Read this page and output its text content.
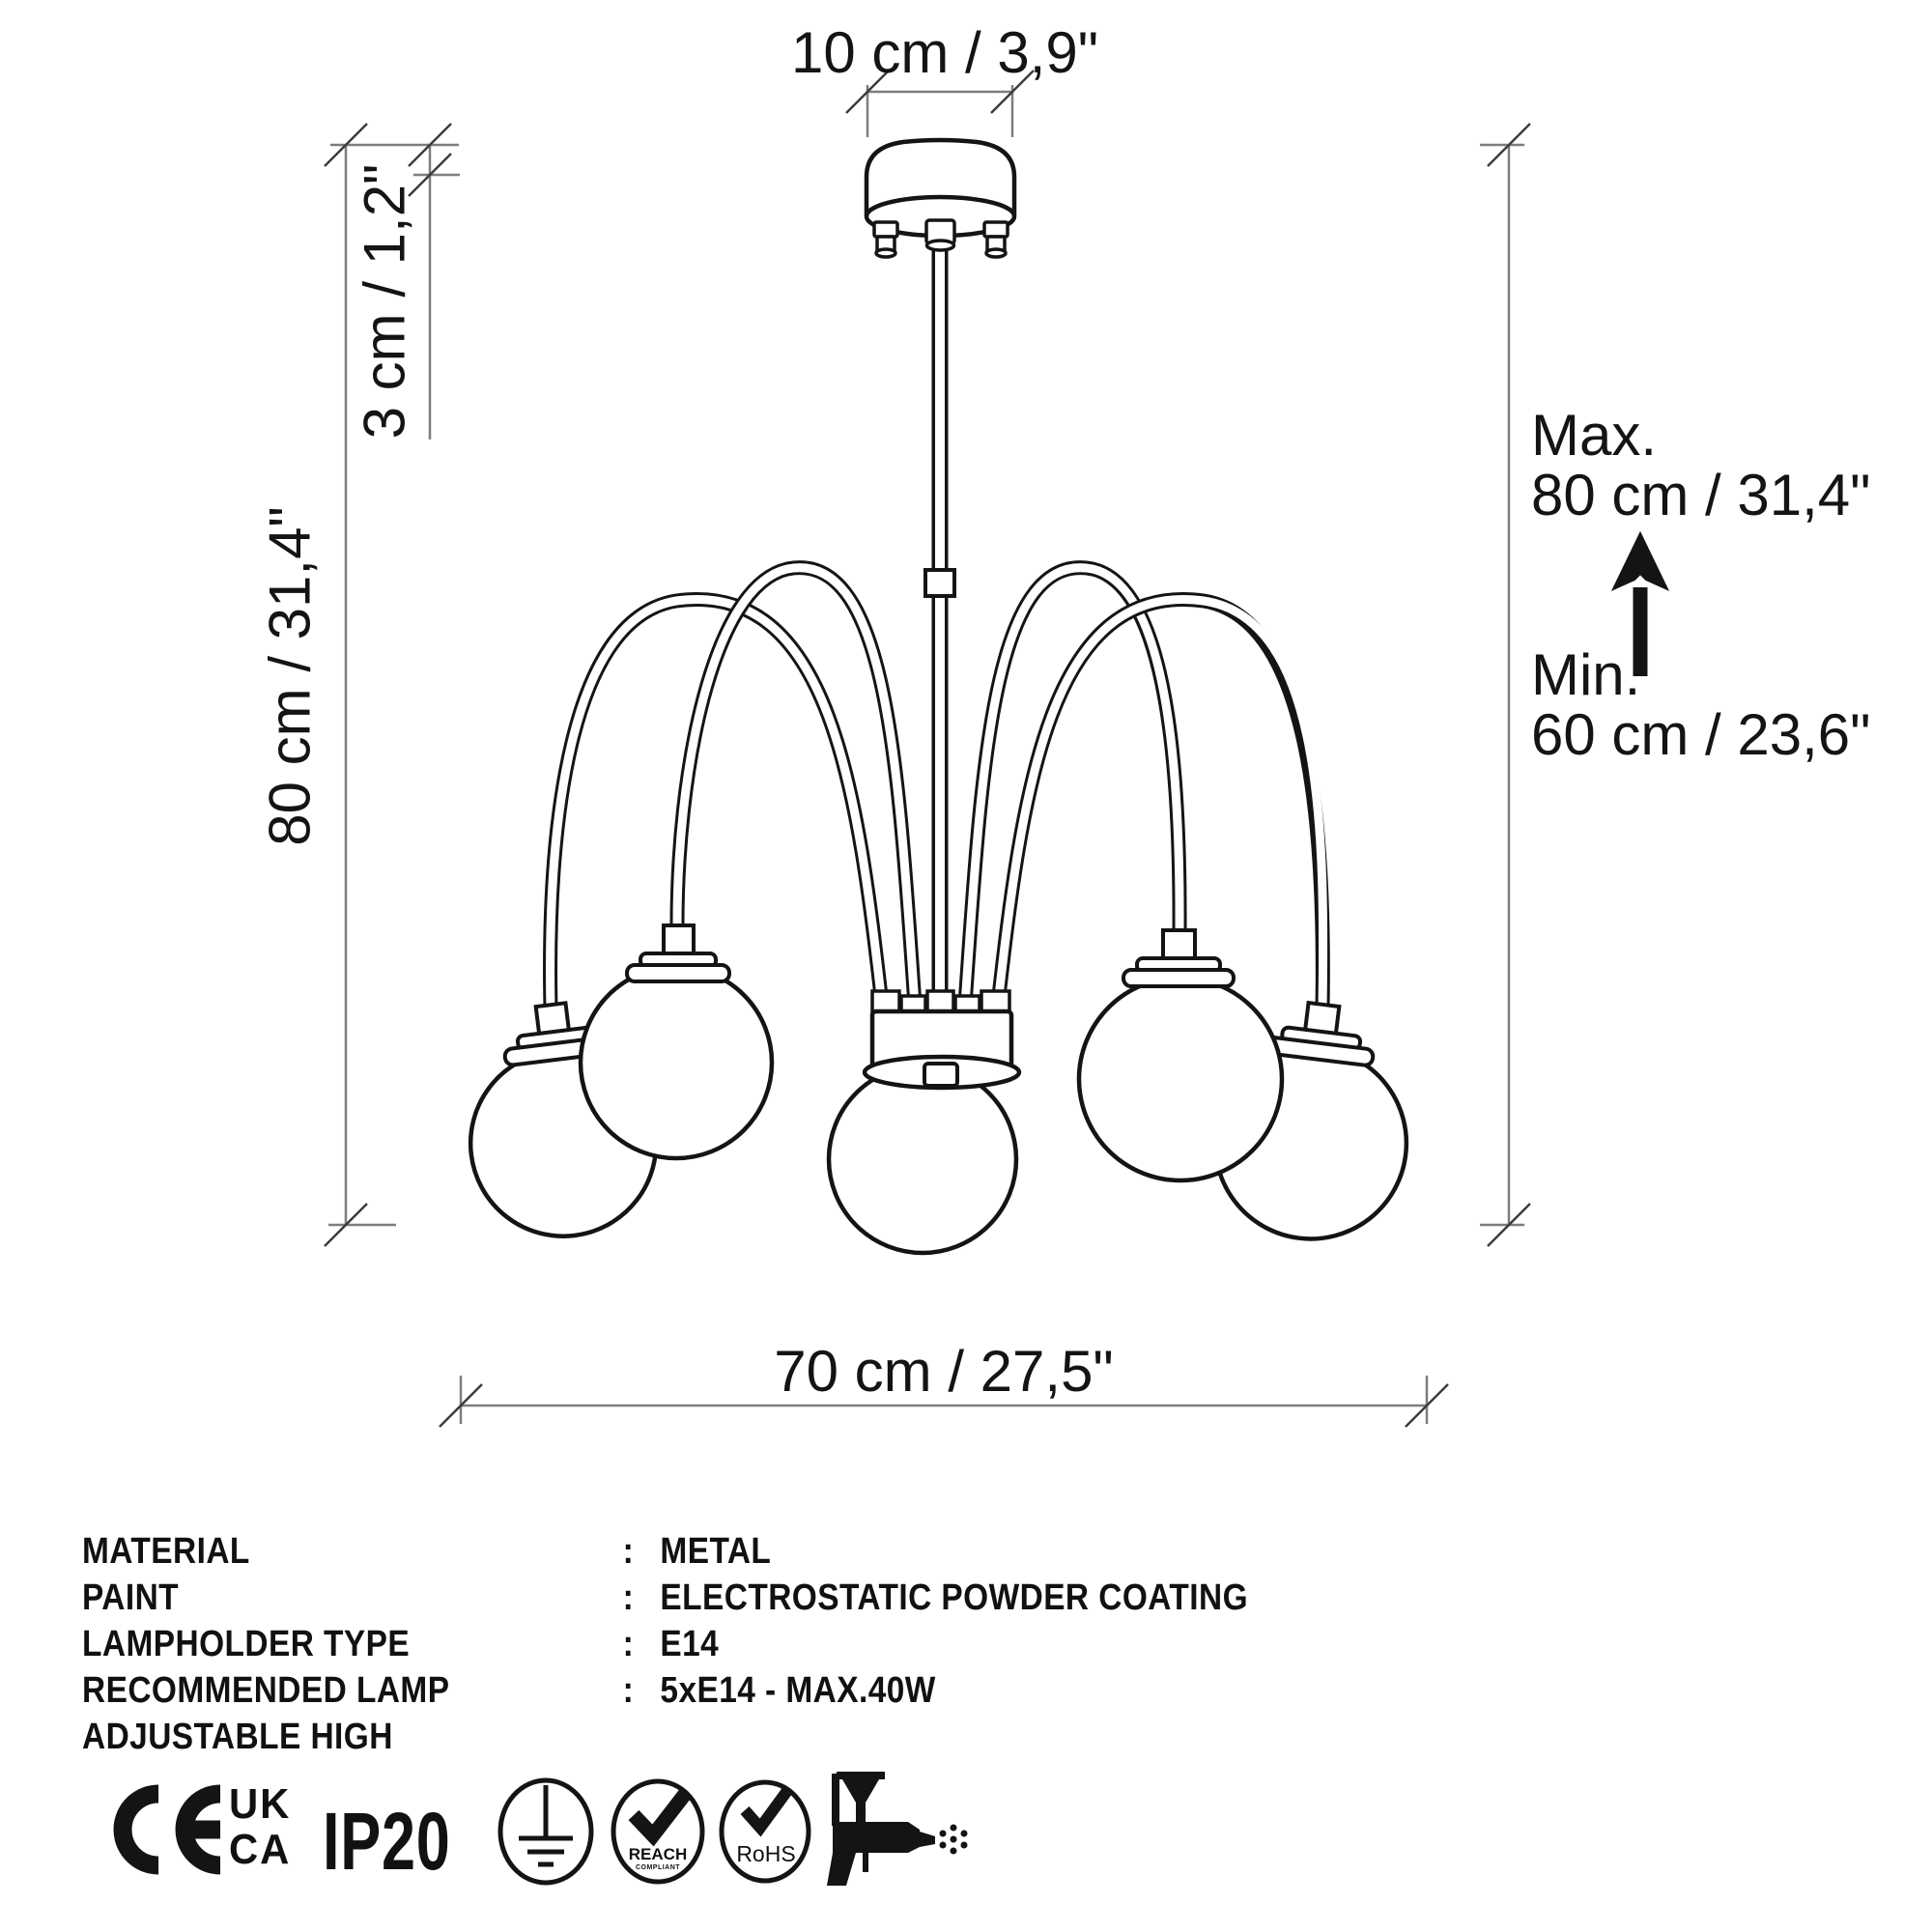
10 cm / 3,9"
3 cm / 1,2"
80 cm / 31,4"
Max.
80 cm / 31,4"
Min.
60 cm / 23,6"
70 cm / 27,5"
MATERIAL	: METAL
PAINT	: ELECTROSTATIC POWDER COATING
LAMPHOLDER TYPE	: E14
RECOMMENDED LAMP	: 5xE14 - MAX.40W
ADJUSTABLE HIGH
UK
CA IP20	REACH
COMPLIANT
RoHS
